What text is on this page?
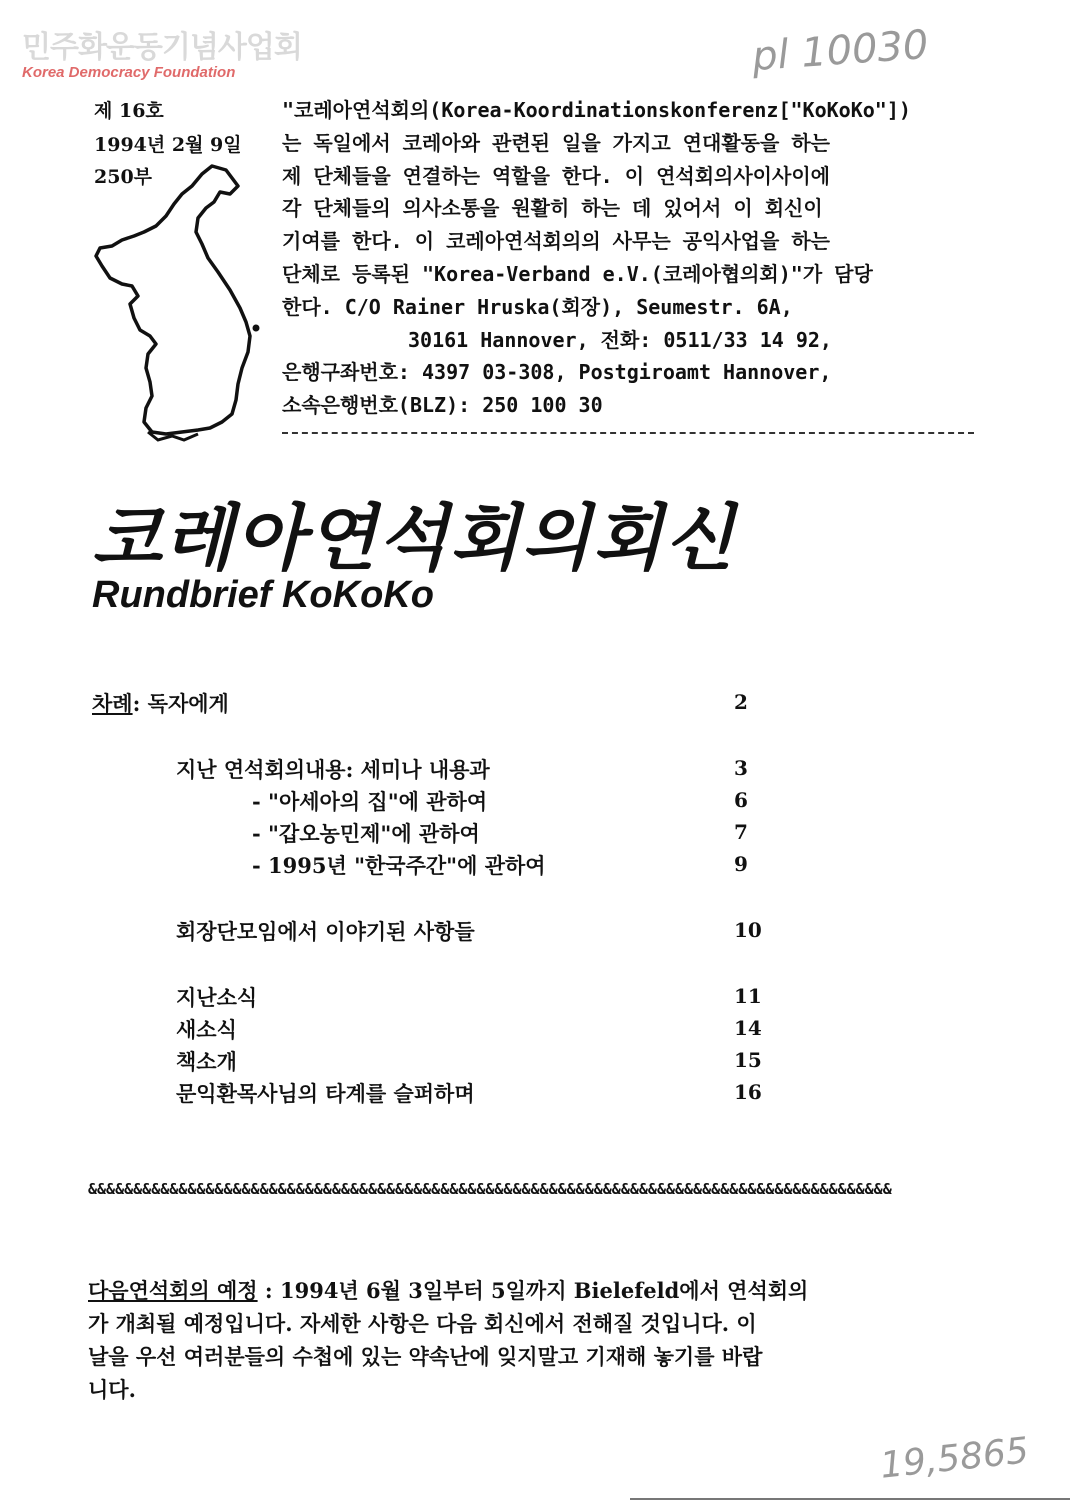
민주화운동기념사업회
Korea Democracy Foundation	pl 10030
19,5865
제 16호
1994년 2월 9일
250부
"코레아연석회의(Korea-Koordinationskonferenz["KoKoKo"])
는 독일에서 코레아와 관련된 일을 가지고 연대활동을 하는
제 단체들을 연결하는 역할을 한다. 이 연석회의사이사이에
각 단체들의 의사소통을 원활히 하는 데 있어서 이 회신이
기여를 한다. 이 코레아연석회의의 사무는 공익사업을 하는
단체로 등록된 "Korea-Verband e.V.(코레아협의회)"가 담당
한다. C/O Rainer Hruska(회장), Seumestr. 6A,
30161 Hannover, 전화: 0511/33 14 92,
은행구좌번호: 4397 03-308, Postgiroamt Hannover,
소속은행번호(BLZ): 250 100 30
코레아연석회의회신
Rundbrief KoKoKo
차례: 독자에게	2
지난 연석회의내용: 세미나 내용과	3
- "아세아의 집"에 관하여	6
- "갑오농민제"에 관하여	7
- 1995년 "한국주간"에 관하여	9
회장단모임에서 이야기된 사항들	10
지난소식	11
새소식	14
책소개	15
문익환목사님의 타계를 슬퍼하며	16
&&&&&&&&&&&&&&&&&&&&&&&&&&&&&&&&&&&&&&&&&&&&&&&&&&&&&&&&&&&&&&&&&&&&&&&&&&&&&&&&&&&&&&&&&
다음연석회의 예정 : 1994년 6월 3일부터 5일까지 Bielefeld에서 연석회의
가 개최될 예정입니다. 자세한 사항은 다음 회신에서 전해질 것입니다. 이
날을 우선 여러분들의 수첩에 있는 약속난에 잊지말고 기재해 놓기를 바랍
니다.
